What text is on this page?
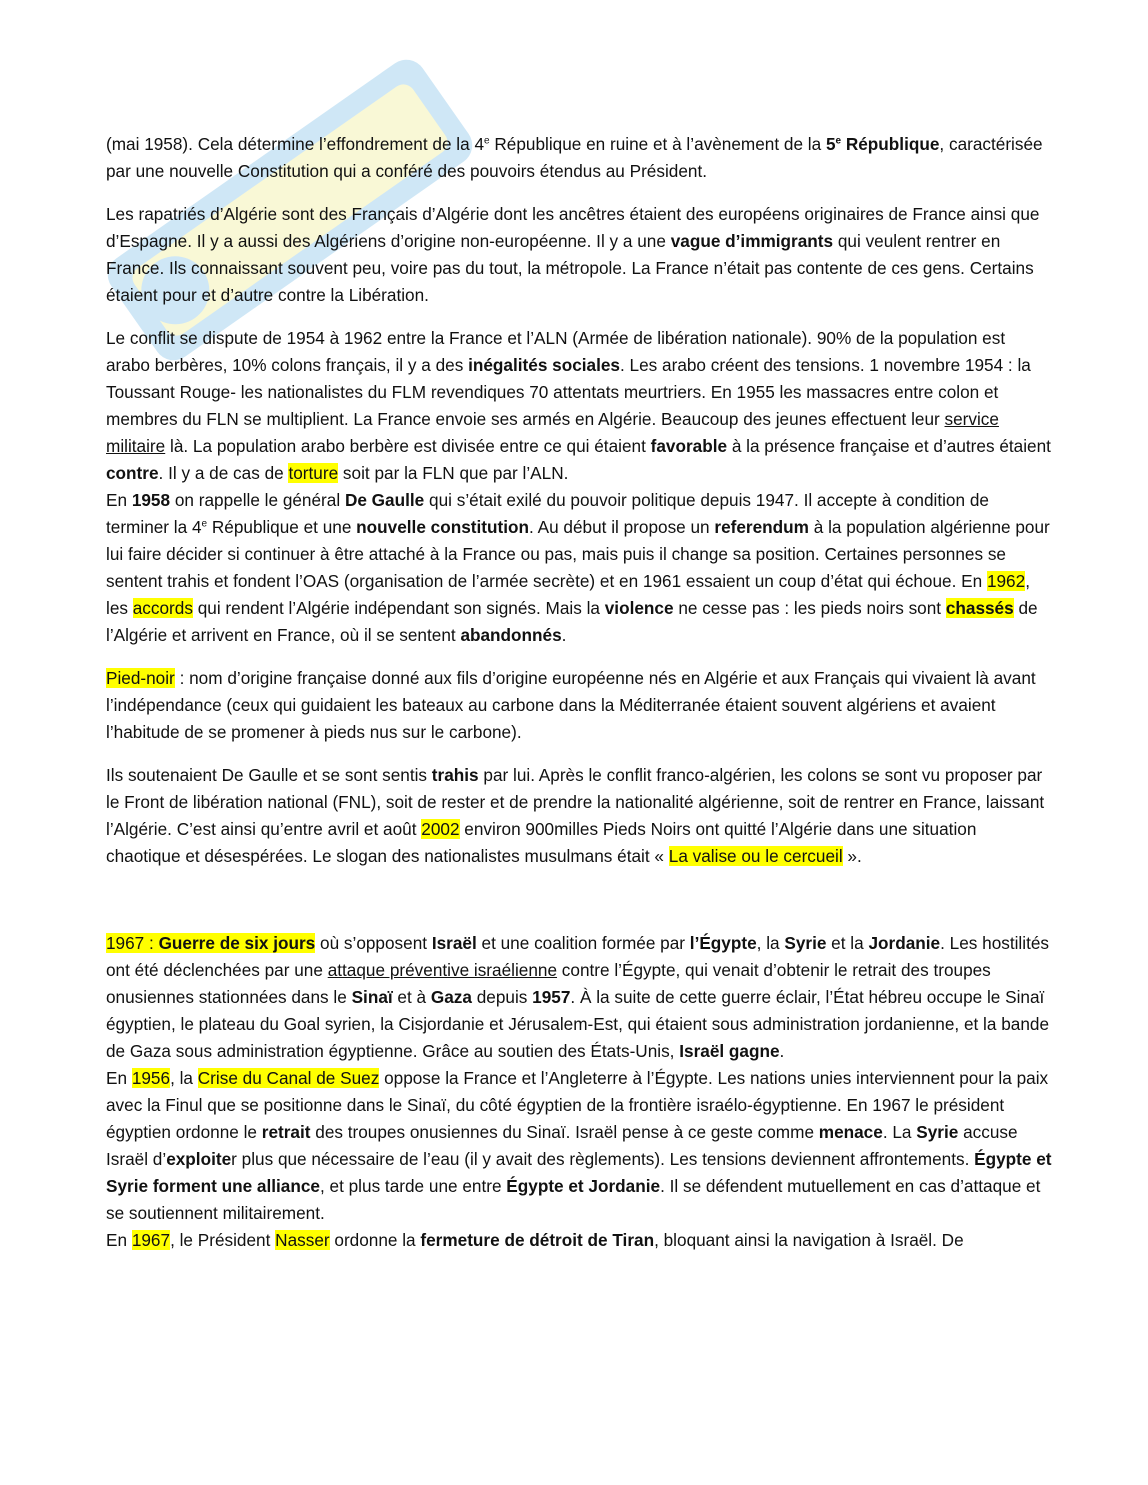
(mai 1958). Cela détermine l’effondrement de la 4e République en ruine et à l’avènement de la 5e République, caractérisée par une nouvelle Constitution qui a conféré des pouvoirs étendus au Président.

Les rapatriés d’Algérie sont des Français d’Algérie dont les ancêtres étaient des européens originaires de France ainsi que d’Espagne. Il y a aussi des Algériens d’origine non-européenne. Il y a une vague d’immigrants qui veulent rentrer en France. Ils connaissant souvent peu, voire pas du tout, la métropole. La France n’était pas contente de ces gens. Certains étaient pour et d’autre contre la Libération.

Le conflit se dispute de 1954 à 1962 entre la France et l’ALN (Armée de libération nationale). 90% de la population est arabo berbères, 10% colons français, il y a des inégalités sociales. Les arabo créent des tensions. 1 novembre 1954 : la Toussant Rouge- les nationalistes du FLM revendiques 70 attentats meurtriers. En 1955 les massacres entre colon et membres du FLN se multiplient. La France envoie ses armés en Algérie. Beaucoup des jeunes effectuent leur service militaire là. La population arabo berbère est divisée entre ce qui étaient favorable à la présence française et d’autres étaient contre. Il y a de cas de torture soit par la FLN que par l’ALN.

En 1958 on rappelle le général De Gaulle qui s’était exilé du pouvoir politique depuis 1947. Il accepte à condition de terminer la 4e République et une nouvelle constitution. Au début il propose un referendum à la population algérienne pour lui faire décider si continuer à être attaché à la France ou pas, mais puis il change sa position. Certaines personnes se sentent trahis et fondent l’OAS (organisation de l’armée secrète) et en 1961 essaient un coup d’état qui échoue. En 1962, les accords qui rendent l’Algérie indépendant son signés. Mais la violence ne cesse pas : les pieds noirs sont chassés de l’Algérie et arrivent en France, où il se sentent abandonnés.

Pied-noir : nom d’origine française donné aux fils d’origine européenne nés en Algérie et aux Français qui vivaient là avant l’indépendance (ceux qui guidaient les bateaux au carbone dans la Méditerranée étaient souvent algériens et avaient l’habitude de se promener à pieds nus sur le carbone).

Ils soutenaient De Gaulle et se sont sentis trahis par lui. Après le conflit franco-algérien, les colons se sont vu proposer par le Front de libération national (FNL), soit de rester et de prendre la nationalité algérienne, soit de rentrer en France, laissant l’Algérie. C’est ainsi qu’entre avril et août 2002 environ 900milles Pieds Noirs ont quitté l’Algérie dans une situation chaotique et désespérées. Le slogan des nationalistes musulmans était « La valise ou le cercueil ».

1967 : Guerre de six jours où s’opposent Israël et une coalition formée par l’Égypte, la Syrie et la Jordanie. Les hostilités ont été déclenchées par une attaque préventive israélienne contre l’Égypte, qui venait d’obtenir le retrait des troupes onusiennes stationnées dans le Sinaï et à Gaza depuis 1957. À la suite de cette guerre éclair, l’État hébreu occupe le Sinaï égyptien, le plateau du Goal syrien, la Cisjordanie et Jérusalem-Est, qui étaient sous administration jordanienne, et la bande de Gaza sous administration égyptienne. Grâce au soutien des États-Unis, Israël gagne.

En 1956, la Crise du Canal de Suez oppose la France et l’Angleterre à l’Égypte. Les nations unies interviennent pour la paix avec la Finul que se positionne dans le Sinaï, du côté égyptien de la frontière israélo-égyptienne. En 1967 le président égyptien ordonne le retrait des troupes onusiennes du Sinaï. Israël pense à ce geste comme menace. La Syrie accuse Israël d’exploiter plus que nécessaire de l’eau (il y avait des règlements). Les tensions deviennent affrontements. Égypte et Syrie forment une alliance, et plus tarde une entre Égypte et Jordanie. Il se défendent mutuellement en cas d’attaque et se soutiennent militairement.

En 1967, le Président Nasser ordonne la fermeture de détroit de Tiran, bloquant ainsi la navigation à Israël. De
